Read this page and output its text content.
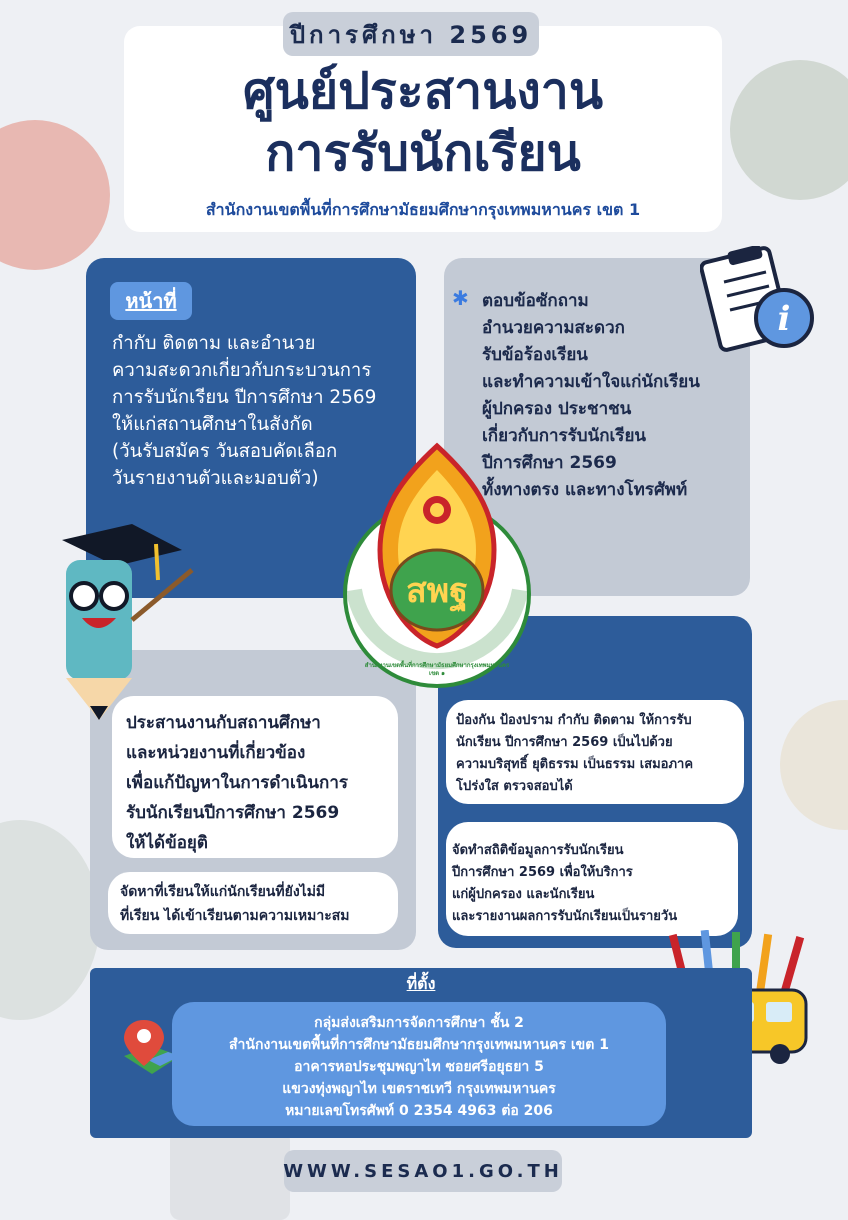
ปีการศึกษา 2569
ศูนย์ประสานงาน
การรับนักเรียน
สำนักงานเขตพื้นที่การศึกษามัธยมศึกษากรุงเทพมหานคร เขต 1
หน้าที่
กำกับ ติดตาม และอำนวย
ความสะดวกเกี่ยวกับกระบวนการ
การรับนักเรียน ปีการศึกษา 2569
ให้แก่สถานศึกษาในสังกัด
(วันรับสมัคร วันสอบคัดเลือก
วันรายงานตัวและมอบตัว)
✱ ตอบข้อซักถาม
อำนวยความสะดวก
รับข้อร้องเรียน
และทำความเข้าใจแก่นักเรียน
ผู้ปกครอง ประชาชน
เกี่ยวกับการรับนักเรียน
ปีการศึกษา 2569
ทั้งทางตรง และทางโทรศัพท์
i
ประสานงานกับสถานศึกษา
และหน่วยงานที่เกี่ยวข้อง
เพื่อแก้ปัญหาในการดำเนินการ
รับนักเรียนปีการศึกษา 2569
ให้ได้ข้อยุติ
จัดหาที่เรียนให้แก่นักเรียนที่ยังไม่มี
ที่เรียน ได้เข้าเรียนตามความเหมาะสม
ป้องกัน ป้องปราม กำกับ ติดตาม ให้การรับ
นักเรียน ปีการศึกษา 2569 เป็นไปด้วย
ความบริสุทธิ์ ยุติธรรม เป็นธรรม เสมอภาค
โปร่งใส ตรวจสอบได้
จัดทำสถิติข้อมูลการรับนักเรียน
ปีการศึกษา 2569 เพื่อให้บริการ
แก่ผู้ปกครอง และนักเรียน
และรายงานผลการรับนักเรียนเป็นรายวัน
สพฐ
สำนักงานเขตพื้นที่การศึกษามัธยมศึกษากรุงเทพมหานคร เขต ๑
ที่ตั้ง
กลุ่มส่งเสริมการจัดการศึกษา ชั้น 2
สำนักงานเขตพื้นที่การศึกษามัธยมศึกษากรุงเทพมหานคร เขต 1
อาคารหอประชุมพญาไท ซอยศรีอยุธยา 5
แขวงทุ่งพญาไท เขตราชเทวี กรุงเทพมหานคร
หมายเลขโทรศัพท์ 0 2354 4963 ต่อ 206
WWW.SESAO1.GO.TH
